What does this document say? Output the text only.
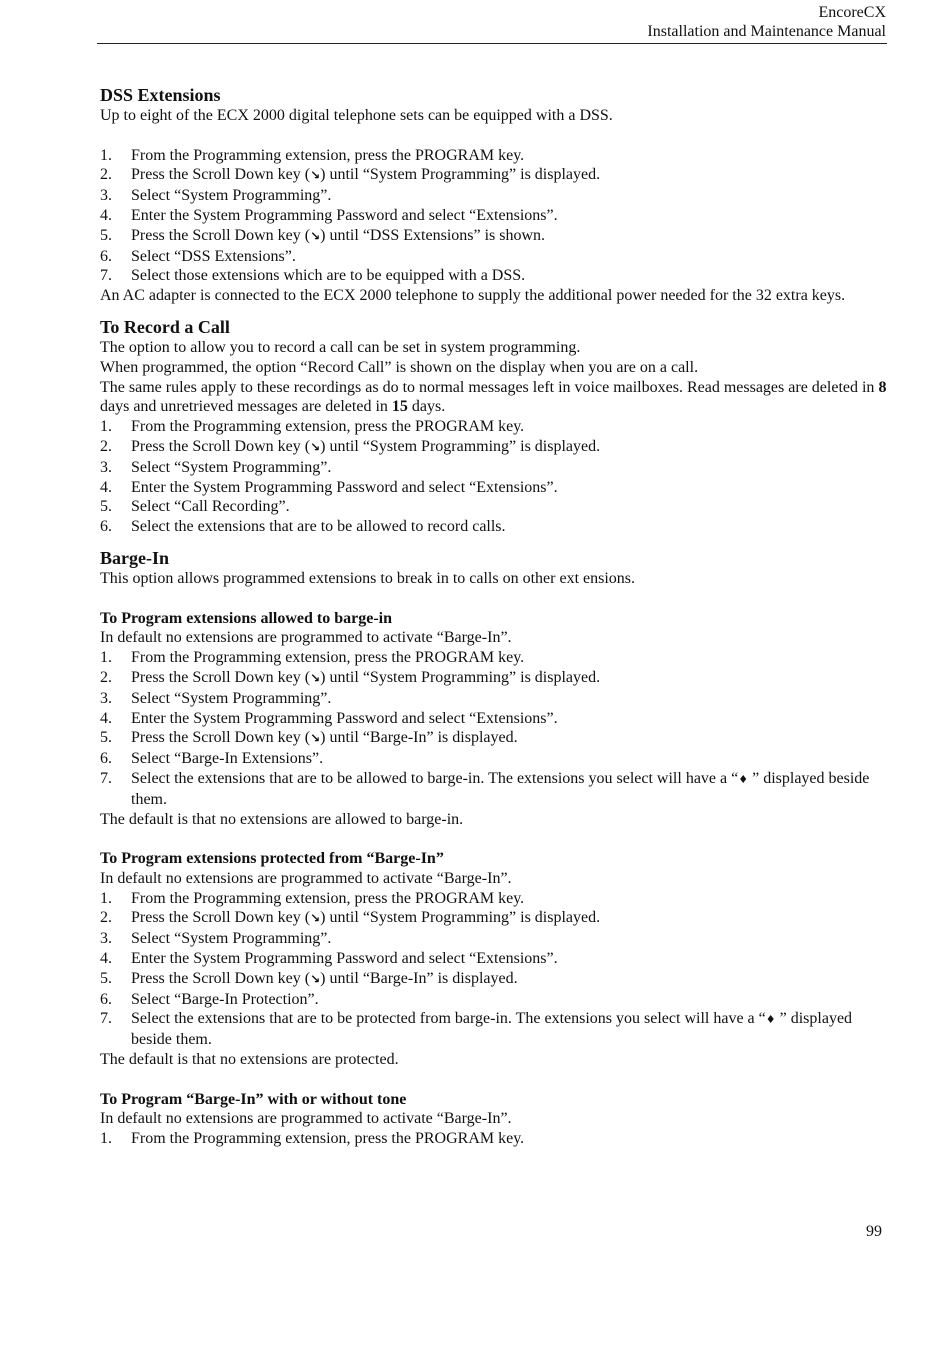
EncoreCX
Installation and Maintenance Manual
DSS Extensions

Up to eight of the ECX 2000 digital telephone sets can be equipped with a DSS.

1. From the Programming extension, press the PROGRAM key.
2. Press the Scroll Down key (↘) until “System Programming” is displayed.
3. Select “System Programming”.
4. Enter the System Programming Password and select “Extensions”.
5. Press the Scroll Down key (↘) until “DSS Extensions” is shown.
6. Select “DSS Extensions”.
7. Select those extensions which are to be equipped with a DSS.

An AC adapter is connected to the ECX 2000 telephone to supply the additional power needed for the 32 extra keys.

To Record a Call

The option to allow you to record a call can be set in system programming.

When programmed, the option “Record Call” is shown on the display when you are on a call.

The same rules apply to these recordings as do to normal messages left in voice mailboxes. Read messages are deleted in 8 days and unretrieved messages are deleted in 15 days.

1. From the Programming extension, press the PROGRAM key.
2. Press the Scroll Down key (↘) until “System Programming” is displayed.
3. Select “System Programming”.
4. Enter the System Programming Password and select “Extensions”.
5. Select “Call Recording”.
6. Select the extensions that are to be allowed to record calls.
Barge-In

This option allows programmed extensions to break in to calls on other ext ensions.

To Program extensions allowed to barge-in

In default no extensions are programmed to activate “Barge-In”.

1. From the Programming extension, press the PROGRAM key.
2. Press the Scroll Down key (↘) until “System Programming” is displayed.
3. Select “System Programming”.
4. Enter the System Programming Password and select “Extensions”.
5. Press the Scroll Down key (↘) until “Barge-In” is displayed.
6. Select “Barge-In Extensions”.
7. Select the extensions that are to be allowed to barge-in. The extensions you select will have a “♦ ” displayed beside them.

The default is that no extensions are allowed to barge-in.

To Program extensions protected from “Barge-In”

In default no extensions are programmed to activate “Barge-In”.

1. From the Programming extension, press the PROGRAM key.
2. Press the Scroll Down key (↘) until “System Programming” is displayed.
3. Select “System Programming”.
4. Enter the System Programming Password and select “Extensions”.
5. Press the Scroll Down key (↘) until “Barge-In” is displayed.
6. Select “Barge-In Protection”.
7. Select the extensions that are to be protected from barge-in. The extensions you select will have a “♦ ” displayed beside them.

The default is that no extensions are protected.

To Program “Barge-In” with or without tone

In default no extensions are programmed to activate “Barge-In”.

1. From the Programming extension, press the PROGRAM key.
99
